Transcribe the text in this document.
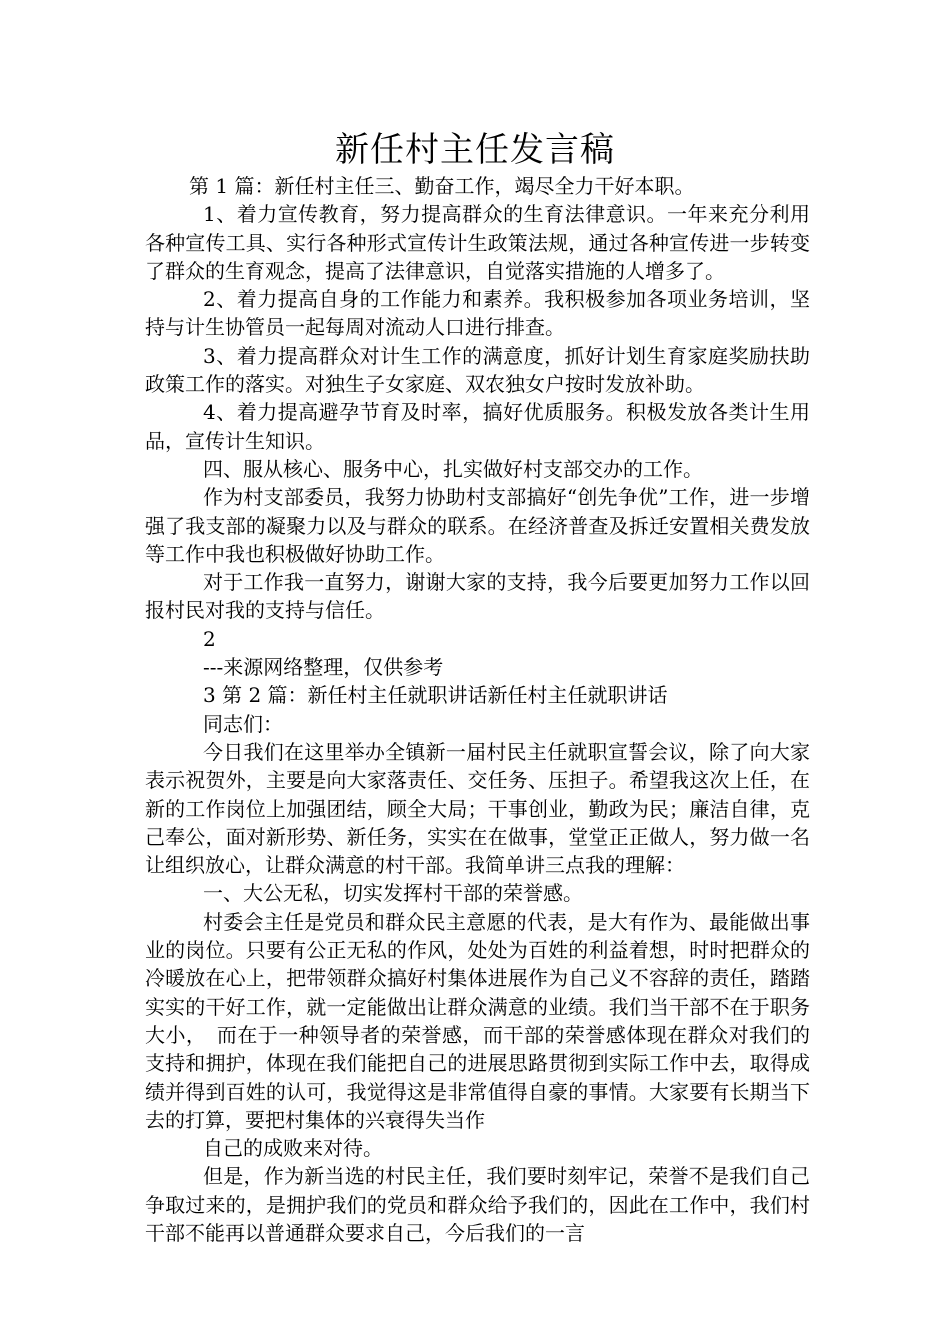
新任村主任发言稿

第 1 篇：新任村主任三、勤奋工作，竭尽全力干好本职。

1、着力宣传教育，努力提高群众的生育法律意识。一年来充分利用各种宣传工具、实行各种形式宣传计生政策法规，通过各种宣传进一步转变了群众的生育观念，提高了法律意识，自觉落实措施的人增多了。

2、着力提高自身的工作能力和素养。我积极参加各项业务培训，坚持与计生协管员一起每周对流动人口进行排查。

3、着力提高群众对计生工作的满意度，抓好计划生育家庭奖励扶助政策工作的落实。对独生子女家庭、双农独女户按时发放补助。

4、着力提高避孕节育及时率，搞好优质服务。积极发放各类计生用品，宣传计生知识。

四、服从核心、服务中心，扎实做好村支部交办的工作。

作为村支部委员，我努力协助村支部搞好“创先争优”工作，进一步增强了我支部的凝聚力以及与群众的联系。在经济普查及拆迁安置相关费发放等工作中我也积极做好协助工作。

对于工作我一直努力，谢谢大家的支持，我今后要更加努力工作以回报村民对我的支持与信任。

2

---来源网络整理，仅供参考

3 第 2 篇：新任村主任就职讲话新任村主任就职讲话

同志们：

今日我们在这里举办全镇新一届村民主任就职宣誓会议，除了向大家表示祝贺外，主要是向大家落责任、交任务、压担子。希望我这次上任，在新的工作岗位上加强团结，顾全大局；干事创业，勤政为民；廉洁自律，克己奉公，面对新形势、新任务，实实在在做事，堂堂正正做人，努力做一名让组织放心，让群众满意的村干部。我简单讲三点我的理解：

一、大公无私，切实发挥村干部的荣誉感。

村委会主任是党员和群众民主意愿的代表，是大有作为、最能做出事业的岗位。只要有公正无私的作风，处处为百姓的利益着想，时时把群众的冷暖放在心上，把带领群众搞好村集体进展作为自己义不容辞的责任，踏踏实实的干好工作，就一定能做出让群众满意的业绩。我们当干部不在于职务大小，　而在于一种领导者的荣誉感，而干部的荣誉感体现在群众对我们的支持和拥护，体现在我们能把自己的进展思路贯彻到实际工作中去，取得成绩并得到百姓的认可，我觉得这是非常值得自豪的事情。大家要有长期当下去的打算，要把村集体的兴衰得失当作

自己的成败来对待。

但是，作为新当选的村民主任，我们要时刻牢记，荣誉不是我们自己争取过来的，是拥护我们的党员和群众给予我们的，因此在工作中，我们村干部不能再以普通群众要求自己，今后我们的一言
